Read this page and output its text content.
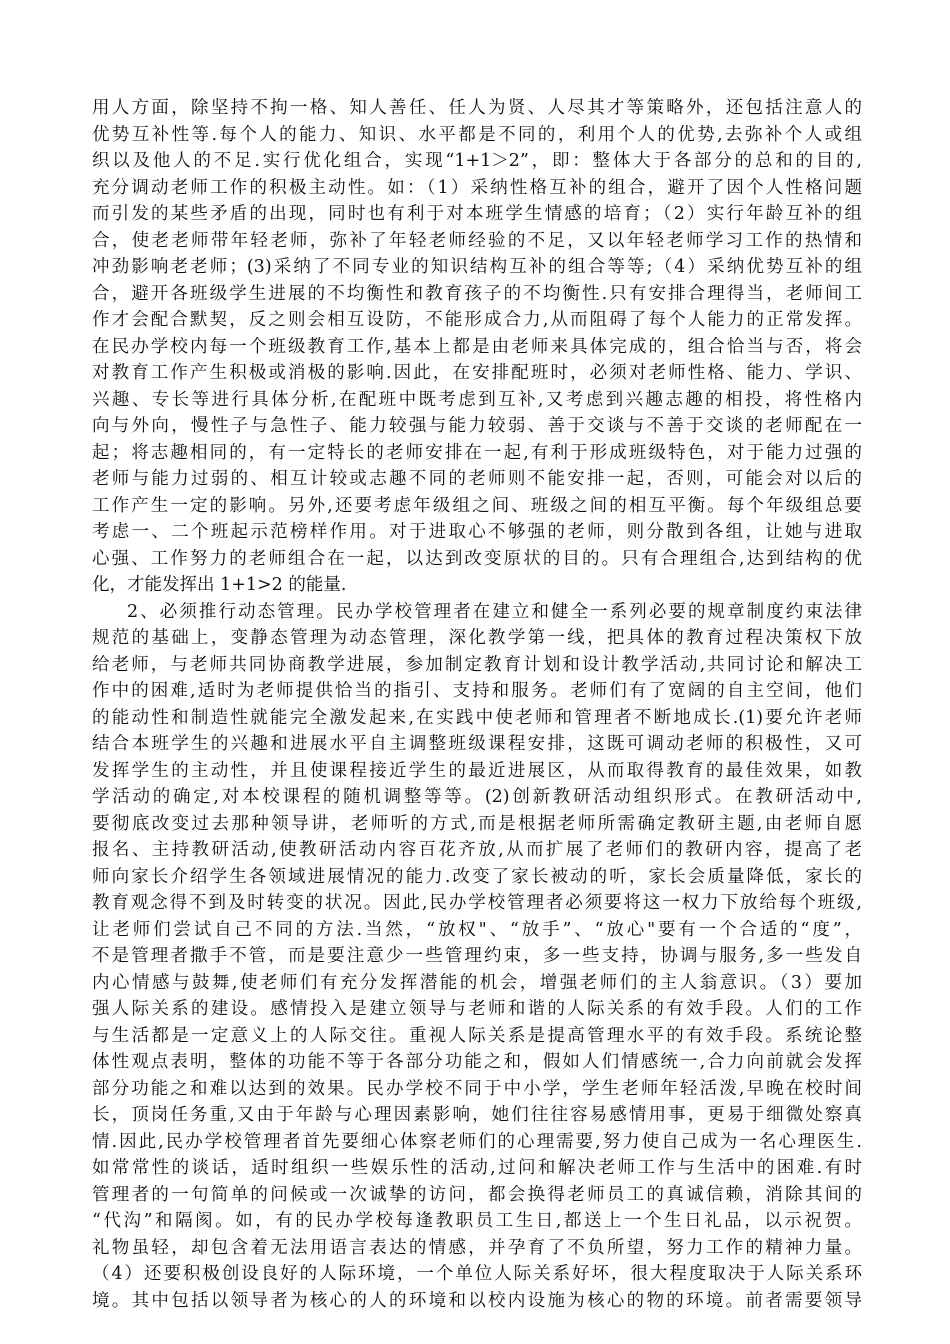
用人方面，除坚持不拘一格、知人善任、任人为贤、人尽其才等策略外，还包括注意人的
优势互补性等.每个人的能力、知识、水平都是不同的，利用个人的优势,去弥补个人或组
织以及他人的不足.实行优化组合，实现“1+1＞2”，即：整体大于各部分的总和的目的,
充分调动老师工作的积极主动性。如：（1）采纳性格互补的组合，避开了因个人性格问题
而引发的某些矛盾的出现，同时也有利于对本班学生情感的培育；（2）实行年龄互补的组
合，使老老师带年轻老师，弥补了年轻老师经验的不足，又以年轻老师学习工作的热情和
冲劲影响老老师；(3)采纳了不同专业的知识结构互补的组合等等;（4）采纳优势互补的组
合，避开各班级学生进展的不均衡性和教育孩子的不均衡性.只有安排合理得当，老师间工
作才会配合默契，反之则会相互设防，不能形成合力,从而阻碍了每个人能力的正常发挥。
在民办学校内每一个班级教育工作,基本上都是由老师来具体完成的，组合恰当与否，将会
对教育工作产生积极或消极的影响.因此，在安排配班时，必须对老师性格、能力、学识、
兴趣、专长等进行具体分析,在配班中既考虑到互补,又考虑到兴趣志趣的相投，将性格内
向与外向，慢性子与急性子、能力较强与能力较弱、善于交谈与不善于交谈的老师配在一
起；将志趣相同的，有一定特长的老师安排在一起,有利于形成班级特色，对于能力过强的
老师与能力过弱的、相互计较或志趣不同的老师则不能安排一起，否则，可能会对以后的
工作产生一定的影响。另外,还要考虑年级组之间、班级之间的相互平衡。每个年级组总要
考虑一、二个班起示范榜样作用。对于进取心不够强的老师，则分散到各组，让她与进取
心强、工作努力的老师组合在一起，以达到改变原状的目的。只有合理组合,达到结构的优
化，才能发挥出 1+1>2 的能量.
2、必须推行动态管理。民办学校管理者在建立和健全一系列必要的规章制度约束法律
规范的基础上，变静态管理为动态管理，深化教学第一线，把具体的教育过程决策权下放
给老师，与老师共同协商教学进展，参加制定教育计划和设计教学活动,共同讨论和解决工
作中的困难,适时为老师提供恰当的指引、支持和服务。老师们有了宽阔的自主空间，他们
的能动性和制造性就能完全激发起来,在实践中使老师和管理者不断地成长.(1)要允许老师
结合本班学生的兴趣和进展水平自主调整班级课程安排，这既可调动老师的积极性，又可
发挥学生的主动性，并且使课程接近学生的最近进展区，从而取得教育的最佳效果，如教
学活动的确定,对本校课程的随机调整等等。(2)创新教研活动组织形式。在教研活动中,
要彻底改变过去那种领导讲，老师听的方式,而是根据老师所需确定教研主题,由老师自愿
报名、主持教研活动,使教研活动内容百花齐放,从而扩展了老师们的教研内容，提高了老
师向家长介绍学生各领域进展情况的能力.改变了家长被动的听，家长会质量降低，家长的
教育观念得不到及时转变的状况。因此,民办学校管理者必须要将这一权力下放给每个班级,
让老师们尝试自己不同的方法.当然，“放权"、“放手”、“放心"要有一个合适的“度”，
不是管理者撒手不管，而是要注意少一些管理约束，多一些支持，协调与服务,多一些发自
内心情感与鼓舞,使老师们有充分发挥潜能的机会，增强老师们的主人翁意识。（3）要加
强人际关系的建设。感情投入是建立领导与老师和谐的人际关系的有效手段。人们的工作
与生活都是一定意义上的人际交往。重视人际关系是提高管理水平的有效手段。系统论整
体性观点表明，整体的功能不等于各部分功能之和，假如人们情感统一,合力向前就会发挥
部分功能之和难以达到的效果。民办学校不同于中小学，学生老师年轻活泼,早晚在校时间
长，顶岗任务重,又由于年龄与心理因素影响，她们往往容易感情用事，更易于细微处察真
情.因此,民办学校管理者首先要细心体察老师们的心理需要,努力使自己成为一名心理医生.
如常常性的谈话，适时组织一些娱乐性的活动,过问和解决老师工作与生活中的困难.有时
管理者的一句简单的问候或一次诚挚的访问，都会换得老师员工的真诚信赖，消除其间的
“代沟”和隔阂。如，有的民办学校每逢教职员工生日,都送上一个生日礼品，以示祝贺。
礼物虽轻，却包含着无法用语言表达的情感，并孕育了不负所望，努力工作的精神力量。
（4）还要积极创设良好的人际环境，一个单位人际关系好坏，很大程度取决于人际关系环
境。其中包括以领导者为核心的人的环境和以校内设施为核心的物的环境。前者需要领导
